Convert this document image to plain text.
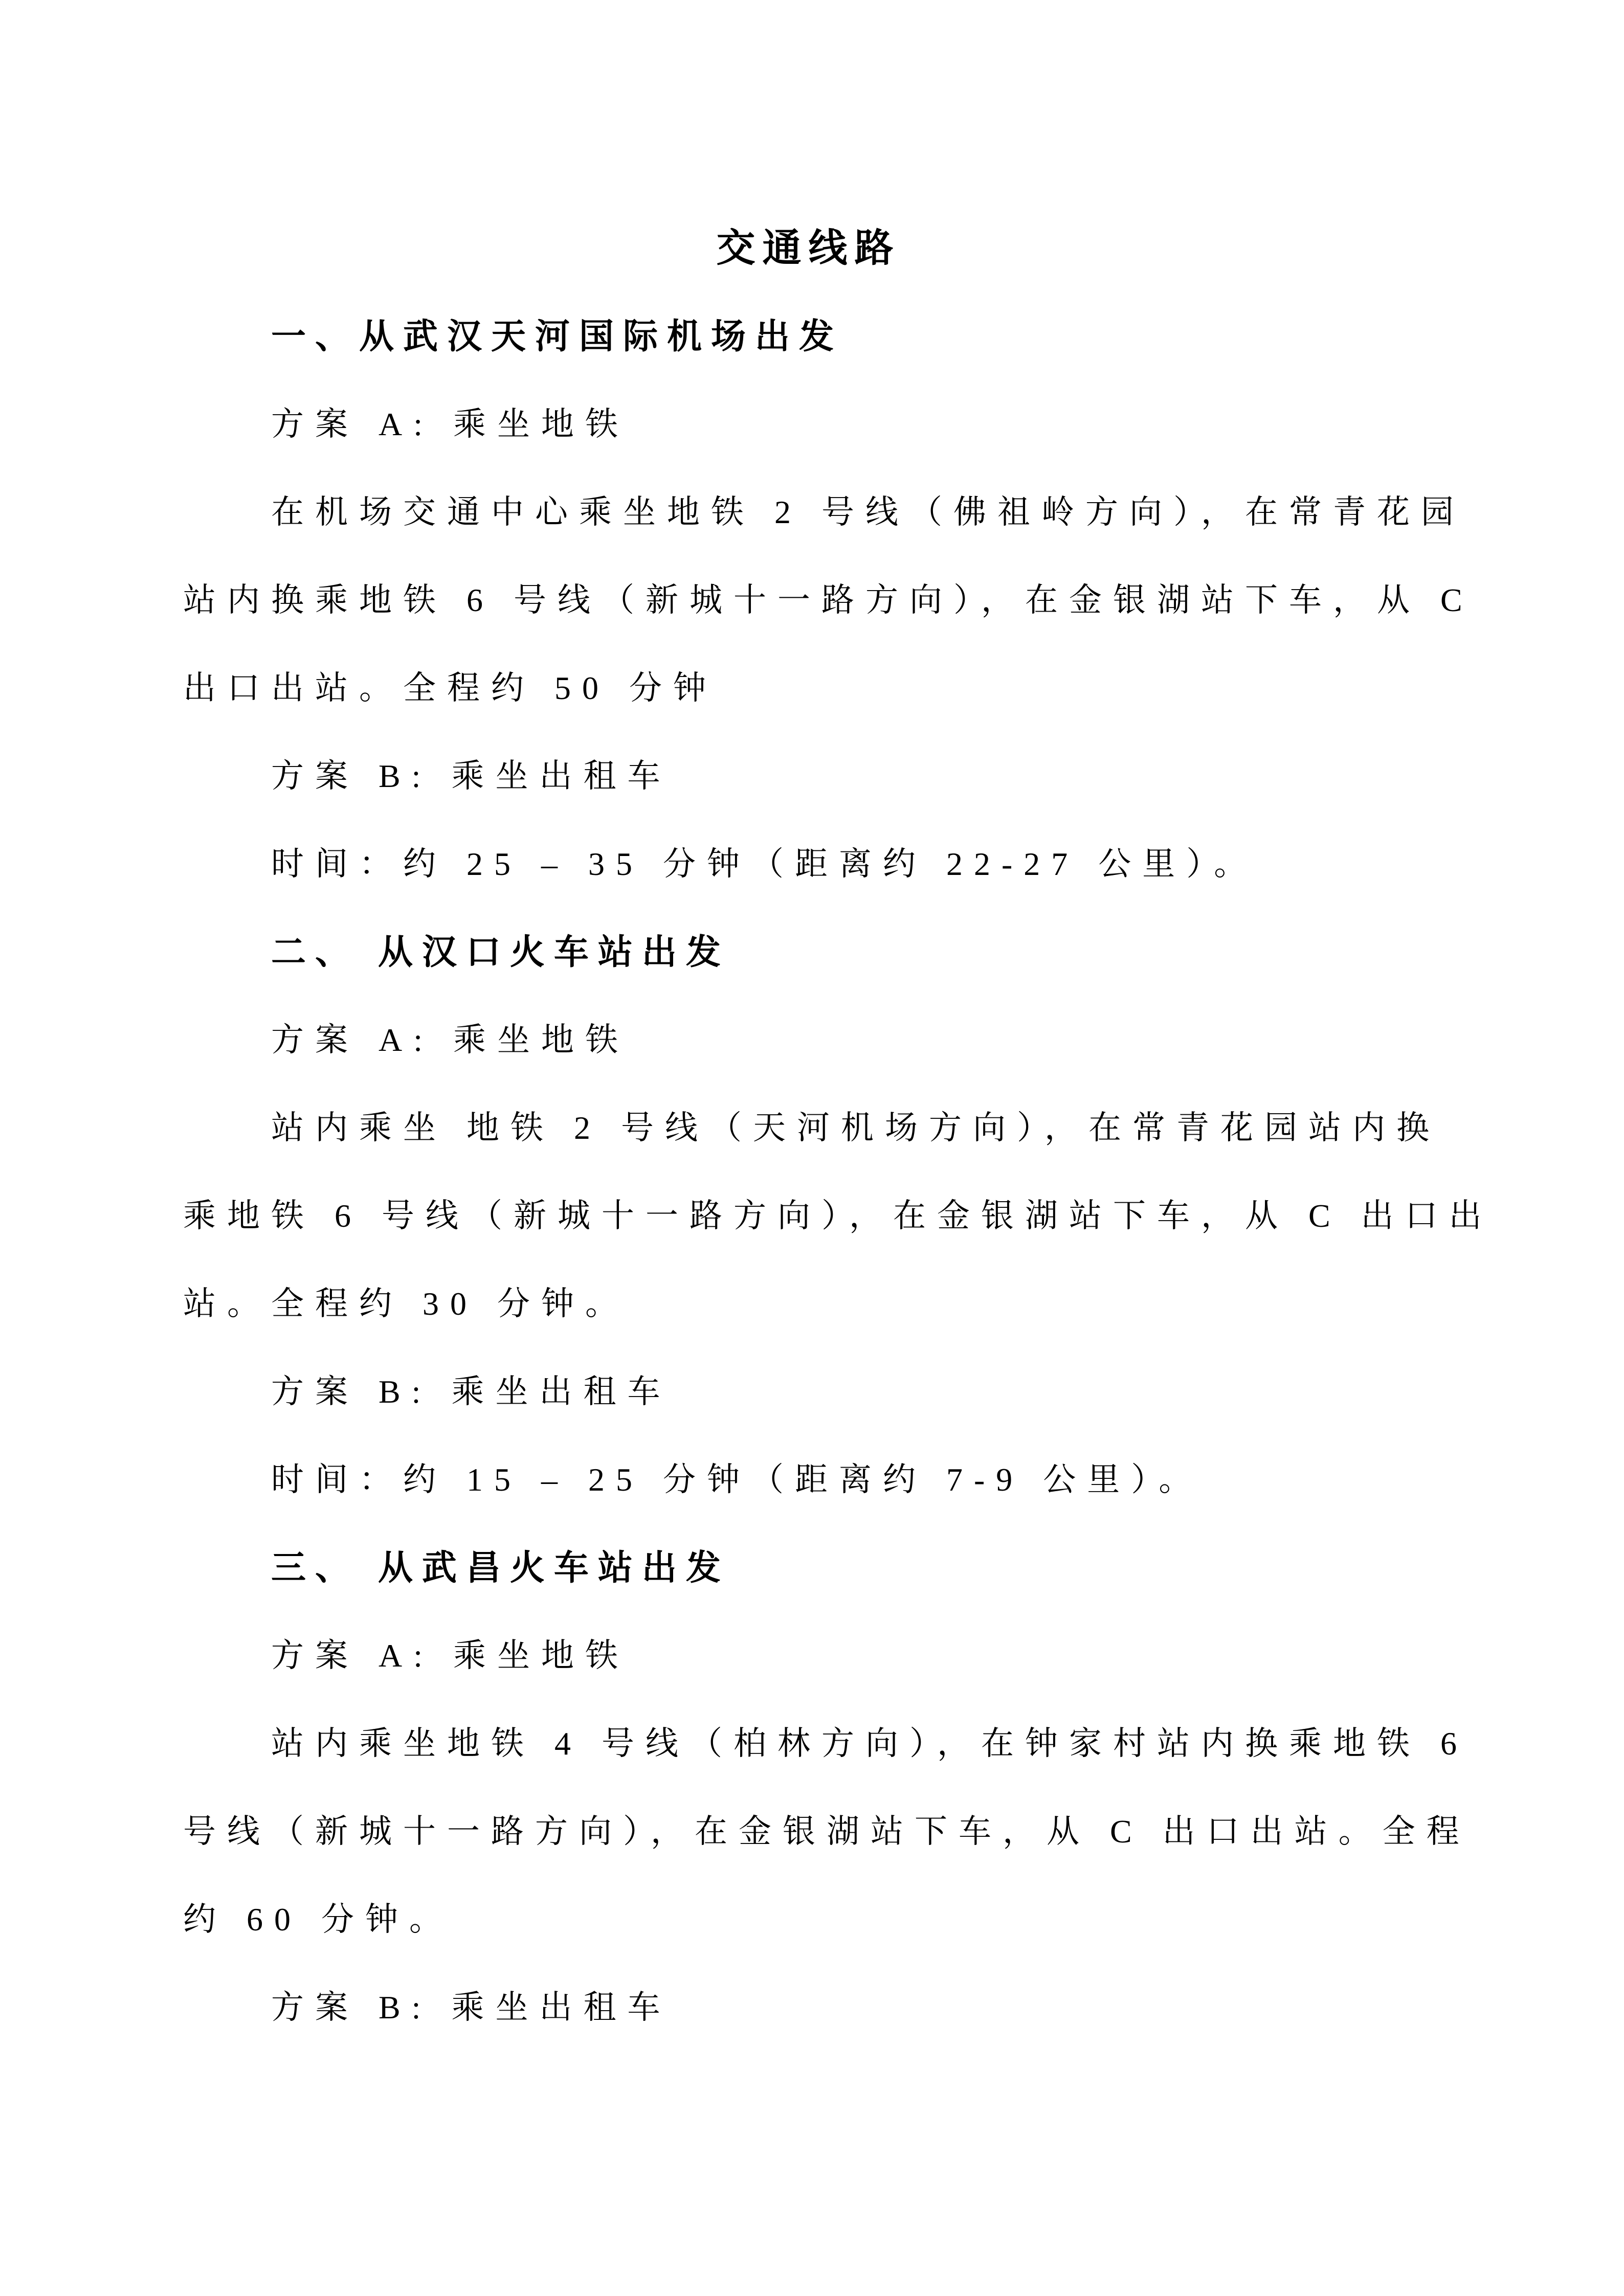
交通线路
一、从武汉天河国际机场出发
方案 A: 乘坐地铁
在机场交通中心乘坐地铁 2 号线（佛祖岭方向），在常青花园
站内换乘地铁 6 号线（新城十一路方向），在金银湖站下车，从 C
出口出站。全程约 50 分钟
方案 B: 乘坐出租车
时间：约 25 – 35 分钟（距离约 22-27 公里）。
二、 从汉口火车站出发
方案 A: 乘坐地铁
站内乘坐 地铁 2 号线（天河机场方向），在常青花园站内换
乘地铁 6 号线（新城十一路方向），在金银湖站下车，从 C 出口出
站。全程约 30 分钟。
方案 B: 乘坐出租车
时间：约 15 – 25 分钟（距离约 7-9 公里）。
三、 从武昌火车站出发
方案 A: 乘坐地铁
站内乘坐地铁 4 号线（柏林方向），在钟家村站内换乘地铁 6
号线（新城十一路方向），在金银湖站下车，从 C 出口出站。全程
约 60 分钟。
方案 B: 乘坐出租车
